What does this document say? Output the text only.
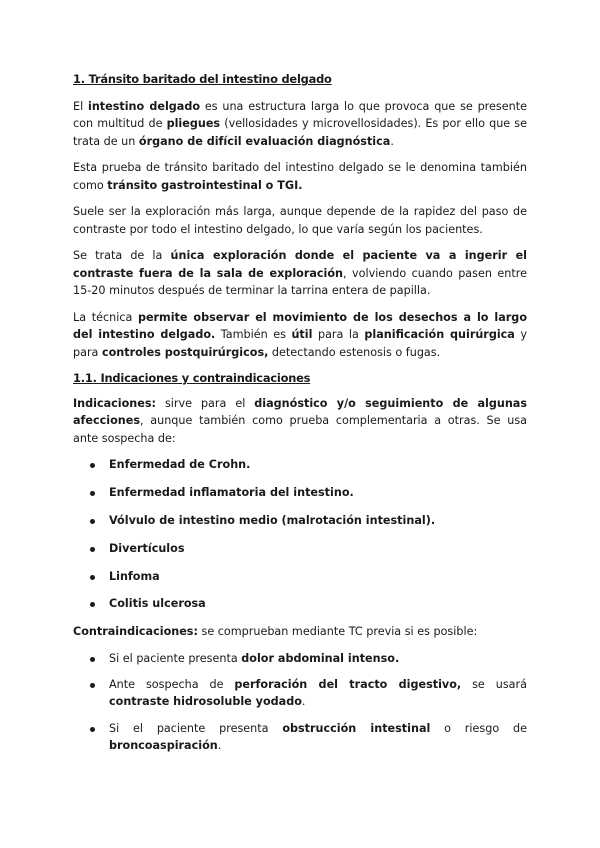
1. Tránsito baritado del intestino delgado

El intestino delgado es una estructura larga lo que provoca que se presente con multitud de pliegues (vellosidades y microvellosidades). Es por ello que se trata de un órgano de difícil evaluación diagnóstica.

Esta prueba de tránsito baritado del intestino delgado se le denomina también como tránsito gastrointestinal o TGI.

Suele ser la exploración más larga, aunque depende de la rapidez del paso de contraste por todo el intestino delgado, lo que varía según los pacientes.

Se trata de la única exploración donde el paciente va a ingerir el contraste fuera de la sala de exploración, volviendo cuando pasen entre 15-20 minutos después de terminar la tarrina entera de papilla.

La técnica permite observar el movimiento de los desechos a lo largo del intestino delgado. También es útil para la planificación quirúrgica y para controles postquirúrgicos, detectando estenosis o fugas.

1.1. Indicaciones y contraindicaciones

Indicaciones: sirve para el diagnóstico y/o seguimiento de algunas afecciones, aunque también como prueba complementaria a otras. Se usa ante sospecha de:

Enfermedad de Crohn.
Enfermedad inflamatoria del intestino.
Vólvulo de intestino medio (malrotación intestinal).
Divertículos
Linfoma
Colitis ulcerosa

Contraindicaciones: se comprueban mediante TC previa si es posible:

Si el paciente presenta dolor abdominal intenso.
Ante sospecha de perforación del tracto digestivo, se usará contraste hidrosoluble yodado.
Si el paciente presenta obstrucción intestinal o riesgo de broncoaspiración.
